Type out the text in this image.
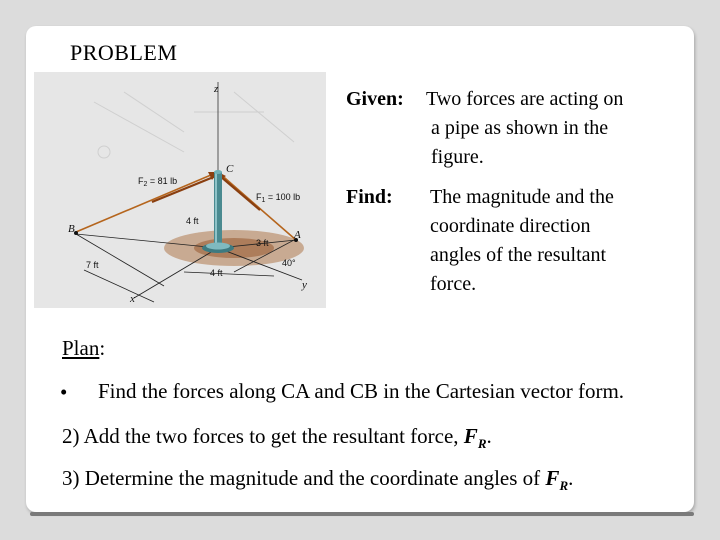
PROBLEM
z
C
$F_2 = 81$ lb
$F_1 = 100$ lb
B	A
4 ft
3 ft
7 ft
4 ft
40°
x
y
Given: Two forces are acting on
a pipe as shown in the
figure.
Find: The magnitude and the
coordinate direction
angles of the resultant
force.
Plan:
• Find the forces along CA and CB in the Cartesian vector form.
2) Add the two forces to get the resultant force, $F_R$.
3) Determine the magnitude and the coordinate angles of $F_R$.
